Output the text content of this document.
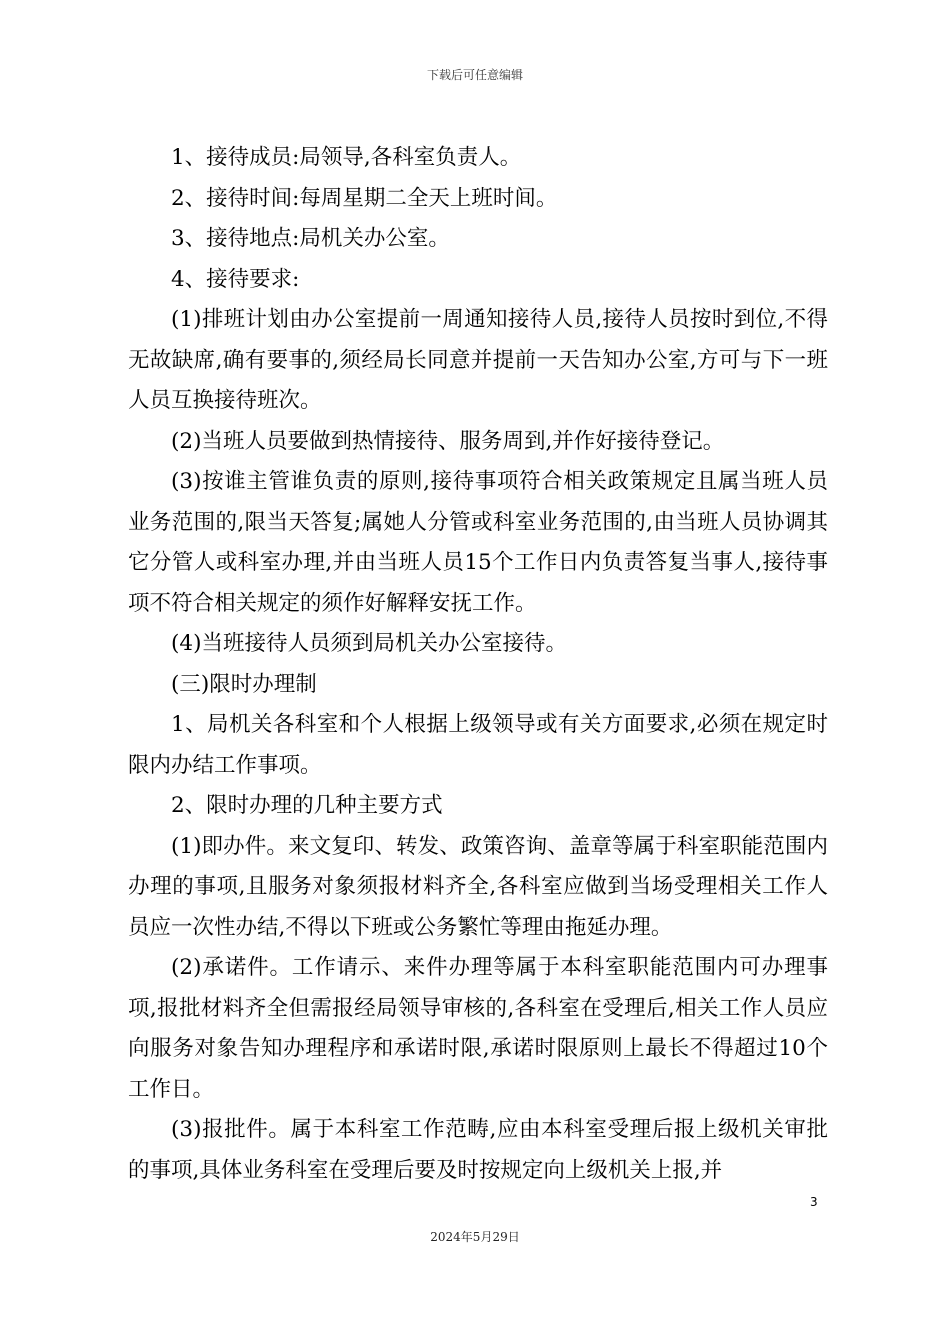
下载后可任意编辑

1、接待成员:局领导,各科室负责人。

2、接待时间:每周星期二全天上班时间。

3、接待地点:局机关办公室。

4、接待要求:

(1)排班计划由办公室提前一周通知接待人员,接待人员按时到位,不得无故缺席,确有要事的,须经局长同意并提前一天告知办公室,方可与下一班人员互换接待班次。

(2)当班人员要做到热情接待、服务周到,并作好接待登记。

(3)按谁主管谁负责的原则,接待事项符合相关政策规定且属当班人员业务范围的,限当天答复;属她人分管或科室业务范围的,由当班人员协调其它分管人或科室办理,并由当班人员15个工作日内负责答复当事人,接待事项不符合相关规定的须作好解释安抚工作。

(4)当班接待人员须到局机关办公室接待。

(三)限时办理制

1、局机关各科室和个人根据上级领导或有关方面要求,必须在规定时限内办结工作事项。

2、限时办理的几种主要方式

(1)即办件。来文复印、转发、政策咨询、盖章等属于科室职能范围内办理的事项,且服务对象须报材料齐全,各科室应做到当场受理相关工作人员应一次性办结,不得以下班或公务繁忙等理由拖延办理。

(2)承诺件。工作请示、来件办理等属于本科室职能范围内可办理事项,报批材料齐全但需报经局领导审核的,各科室在受理后,相关工作人员应向服务对象告知办理程序和承诺时限,承诺时限原则上最长不得超过10个工作日。

(3)报批件。属于本科室工作范畴,应由本科室受理后报上级机关审批的事项,具体业务科室在受理后要及时按规定向上级机关上报,并

3
2024年5月29日
